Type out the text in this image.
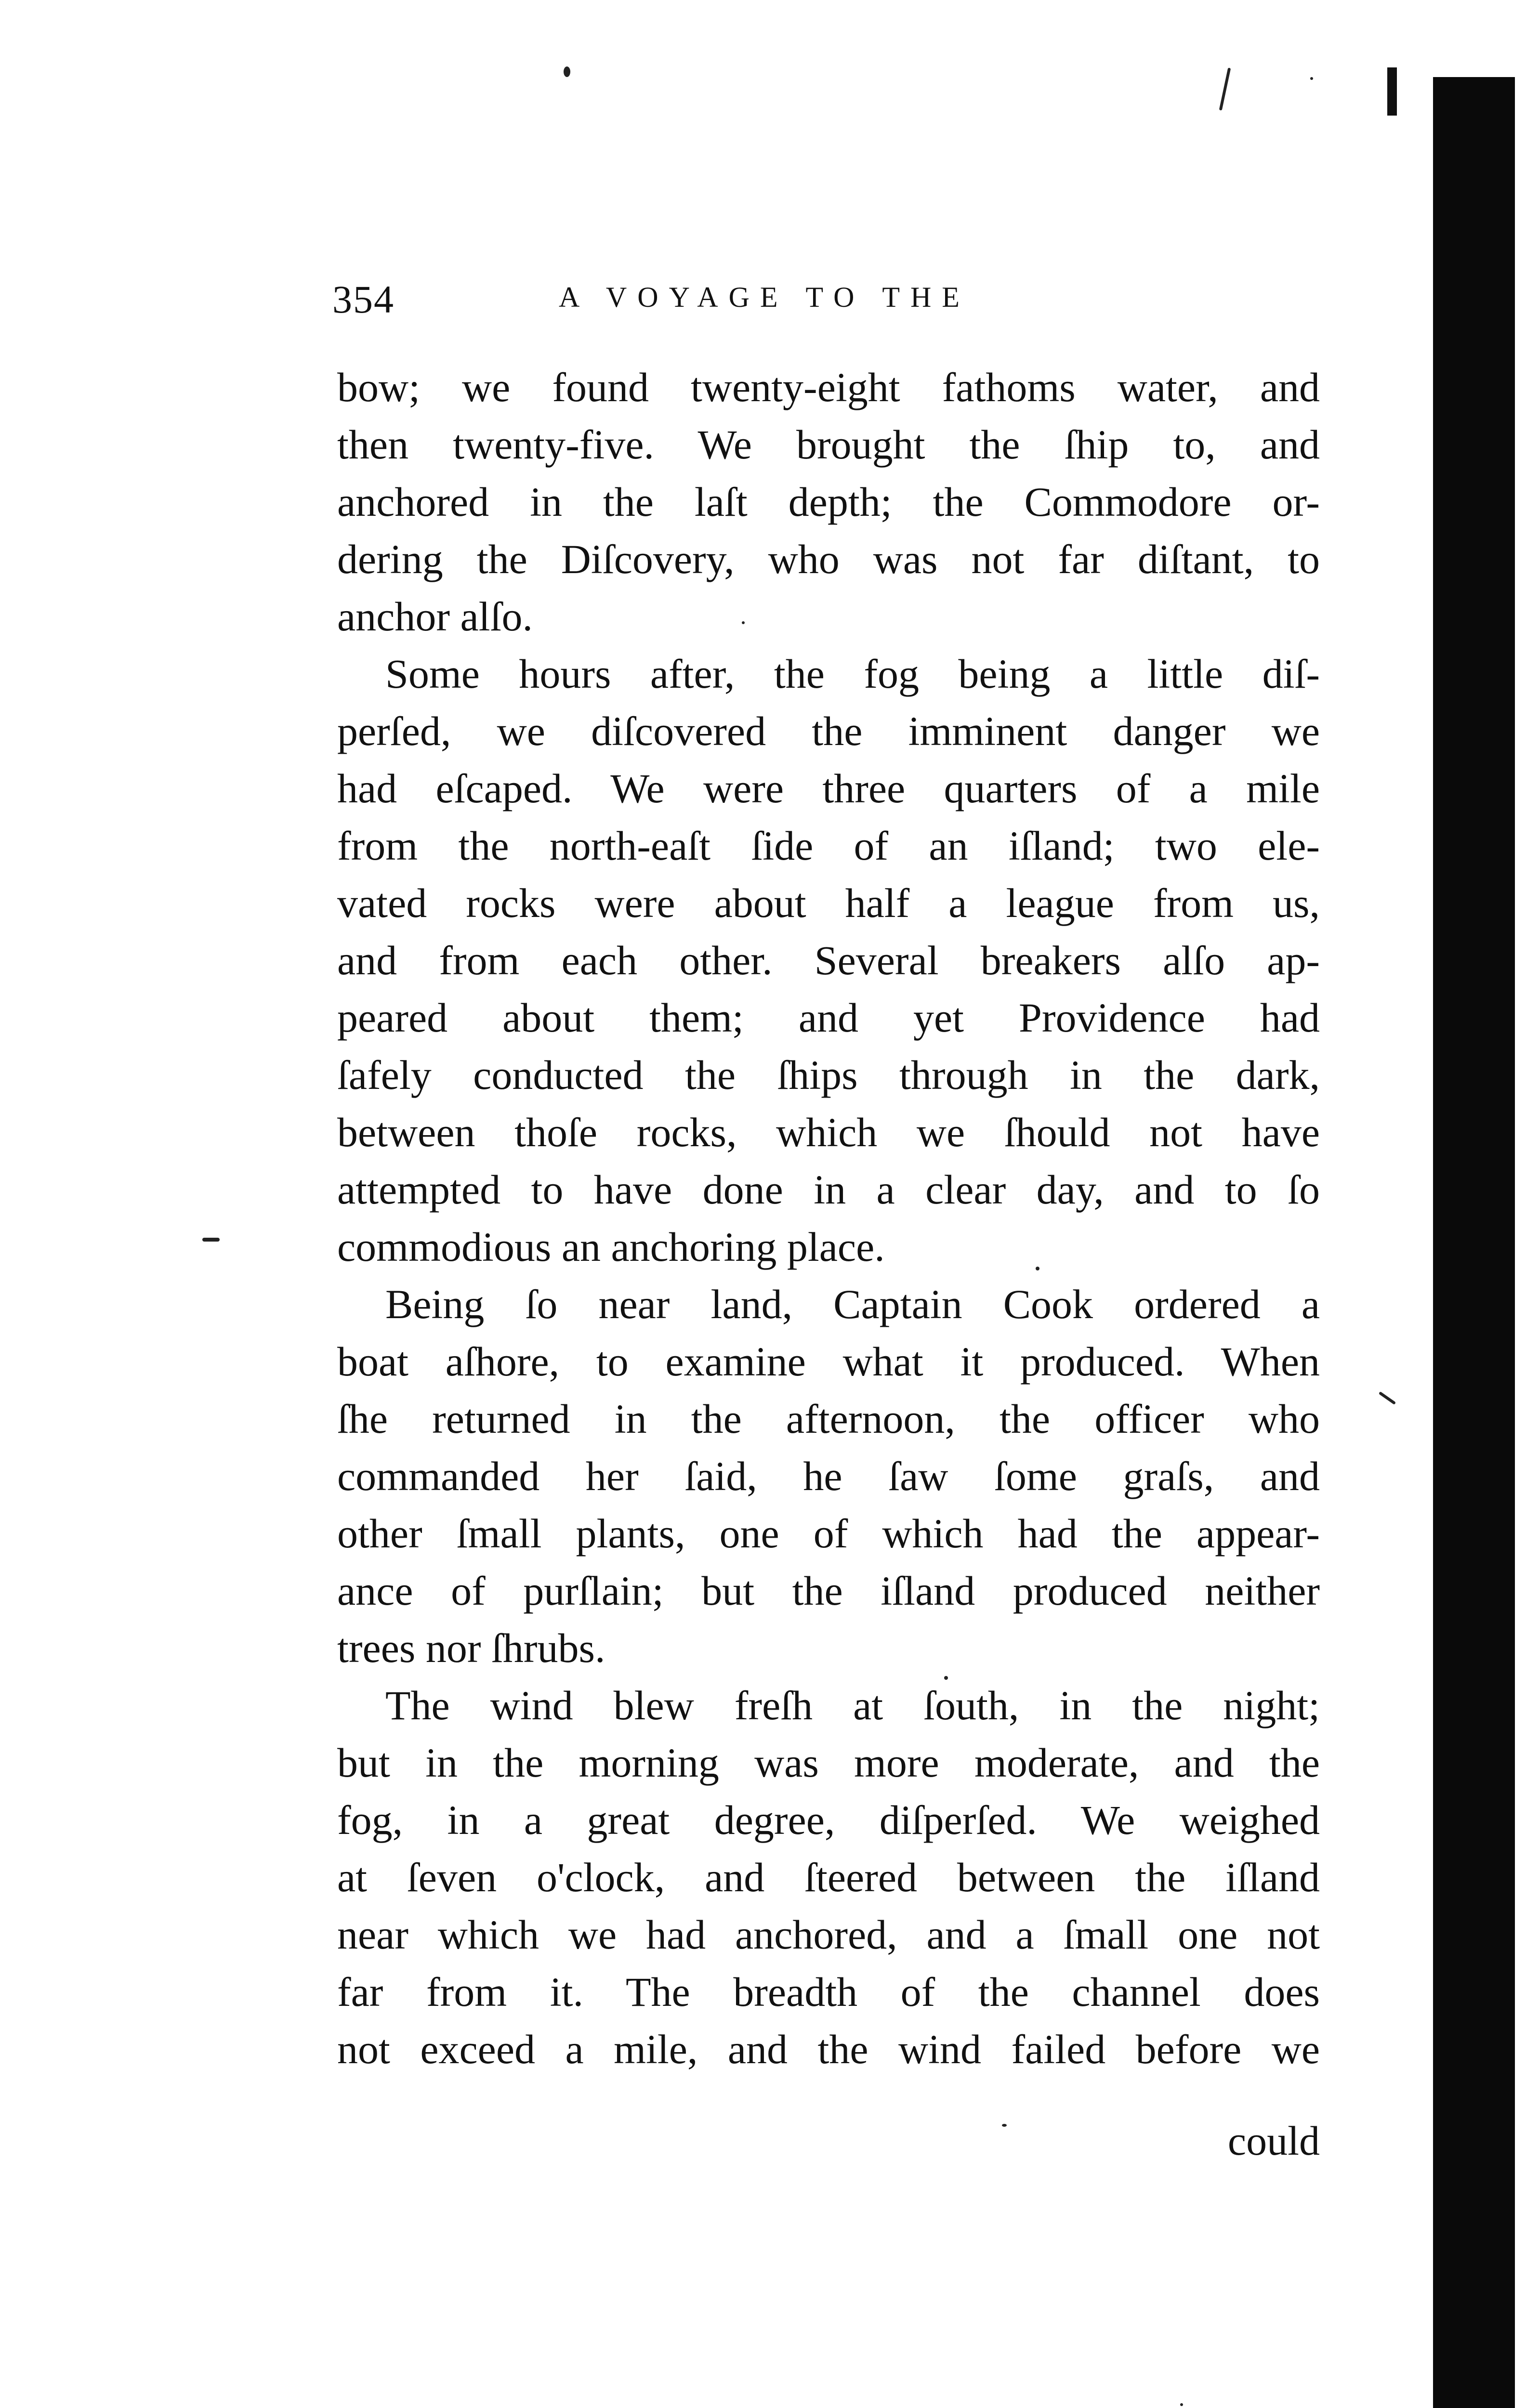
354	A VOYAGE TO THE
bow; we found twenty-eight fathoms water, and
then twenty-five. We brought the ſhip to, and
anchored in the laſt depth; the Commodore or-
dering the Diſcovery, who was not far diſtant, to
anchor alſo.
Some hours after, the fog being a little diſ-
perſed, we diſcovered the imminent danger we
had eſcaped. We were three quarters of a mile
from the north-eaſt ſide of an iſland; two ele-
vated rocks were about half a league from us,
and from each other. Several breakers alſo ap-
peared about them; and yet Providence had
ſafely conducted the ſhips through in the dark,
between thoſe rocks, which we ſhould not have
attempted to have done in a clear day, and to ſo
commodious an anchoring place.
Being ſo near land, Captain Cook ordered a
boat aſhore, to examine what it produced. When
ſhe returned in the afternoon, the officer who
commanded her ſaid, he ſaw ſome graſs, and
other ſmall plants, one of which had the appear-
ance of purſlain; but the iſland produced neither
trees nor ſhrubs.
The wind blew freſh at ſouth, in the night;
but in the morning was more moderate, and the
fog, in a great degree, diſperſed. We weighed
at ſeven o'clock, and ſteered between the iſland
near which we had anchored, and a ſmall one not
far from it. The breadth of the channel does
not exceed a mile, and the wind failed before we
could
